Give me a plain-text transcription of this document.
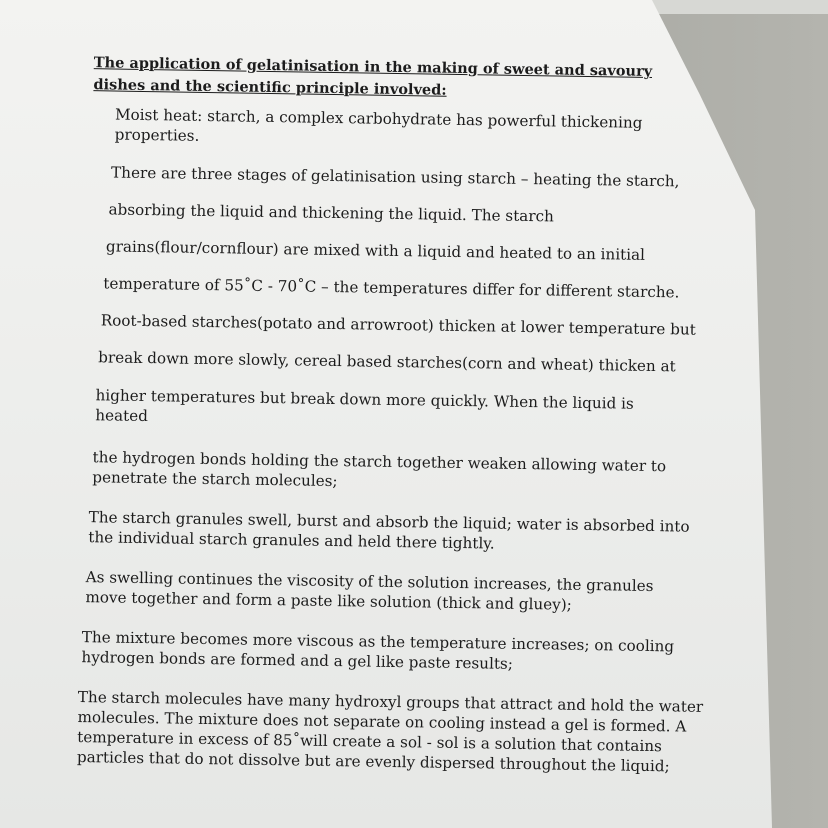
The application of gelatinisation in the making of sweet and savoury dishes and the scientific principle involved:

Moist heat: starch, a complex carbohydrate has powerful thickening properties.

There are three stages of gelatinisation using starch – heating the starch,

absorbing the liquid and thickening the liquid. The starch

grains(flour/cornflour) are mixed with a liquid and heated to an initial

temperature of 55˚C - 70˚C – the temperatures differ for different starche.

Root-based starches(potato and arrowroot) thicken at lower temperature but

break down more slowly, cereal based starches(corn and wheat) thicken at

higher temperatures but break down more quickly. When the liquid is heated

the hydrogen bonds holding the starch together weaken allowing water to penetrate the starch molecules;

The starch granules swell, burst and absorb the liquid; water is absorbed into the individual starch granules and held there tightly.

As swelling continues the viscosity of the solution increases, the granules move together and form a paste like solution (thick and gluey);

The mixture becomes more viscous as the temperature increases; on cooling hydrogen bonds are formed and a gel like paste results;

The starch molecules have many hydroxyl groups that attract and hold the water molecules. The mixture does not separate on cooling instead a gel is formed. A temperature in excess of 85˚will create a sol - sol is a solution that contains particles that do not dissolve but are evenly dispersed throughout the liquid;
